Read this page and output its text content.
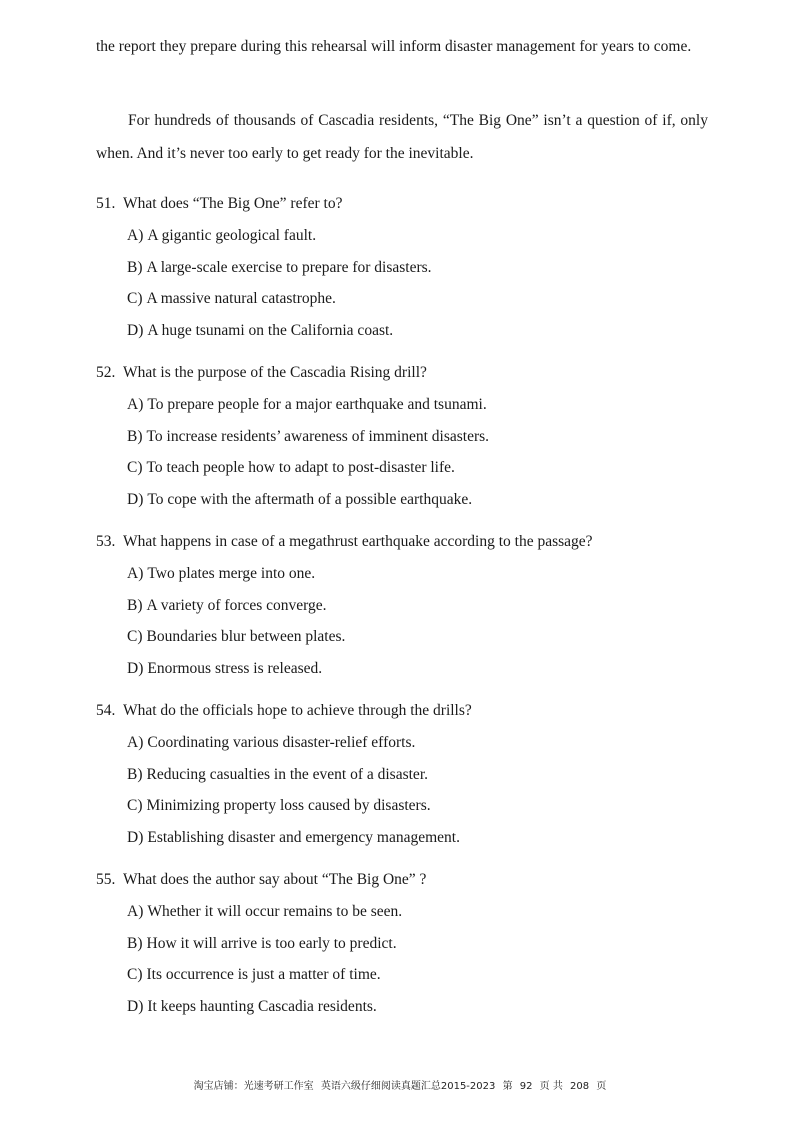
the report they prepare during this rehearsal will inform disaster management for years to come.

For hundreds of thousands of Cascadia residents, “The Big One” isn’t a question of if, only when. And it’s never too early to get ready for the inevitable.

51. What does “The Big One” refer to?
A) A gigantic geological fault.
B) A large-scale exercise to prepare for disasters.
C) A massive natural catastrophe.
D) A huge tsunami on the California coast.
52. What is the purpose of the Cascadia Rising drill?
A) To prepare people for a major earthquake and tsunami.
B) To increase residents’ awareness of imminent disasters.
C) To teach people how to adapt to post-disaster life.
D) To cope with the aftermath of a possible earthquake.
53. What happens in case of a megathrust earthquake according to the passage?
A) Two plates merge into one.
B) A variety of forces converge.
C) Boundaries blur between plates.
D) Enormous stress is released.
54. What do the officials hope to achieve through the drills?
A) Coordinating various disaster-relief efforts.
B) Reducing casualties in the event of a disaster.
C) Minimizing property loss caused by disasters.
D) Establishing disaster and emergency management.
55. What does the author say about “The Big One” ?
A) Whether it will occur remains to be seen.
B) How it will arrive is too early to predict.
C) Its occurrence is just a matter of time.
D) It keeps haunting Cascadia residents.
淘宝店铺：光速考研工作室 英语六级仔细阅读真题汇总2015-2023 第 92 页 共 208 页
